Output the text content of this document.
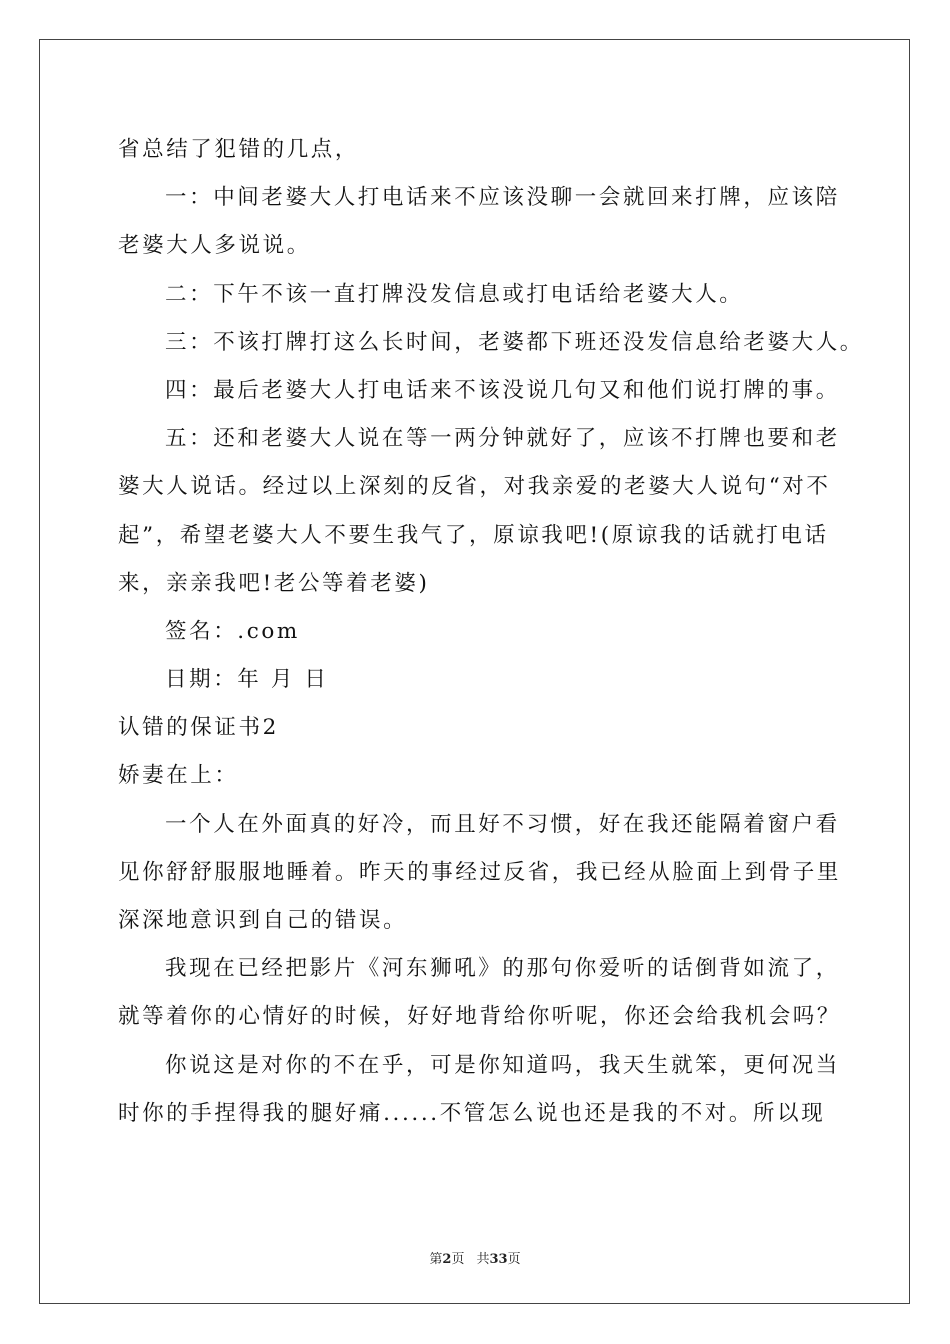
省总结了犯错的几点，
一：中间老婆大人打电话来不应该没聊一会就回来打牌，应该陪
老婆大人多说说。
二：下午不该一直打牌没发信息或打电话给老婆大人。
三：不该打牌打这么长时间，老婆都下班还没发信息给老婆大人。
四：最后老婆大人打电话来不该没说几句又和他们说打牌的事。
五：还和老婆大人说在等一两分钟就好了，应该不打牌也要和老
婆大人说话。经过以上深刻的反省，对我亲爱的老婆大人说句“对不
起”，希望老婆大人不要生我气了，原谅我吧!(原谅我的话就打电话
来，亲亲我吧!老公等着老婆)
签名：.com
日期：年 月 日
认错的保证书2
娇妻在上：
一个人在外面真的好冷，而且好不习惯，好在我还能隔着窗户看
见你舒舒服服地睡着。昨天的事经过反省，我已经从脸面上到骨子里
深深地意识到自己的错误。
我现在已经把影片《河东狮吼》的那句你爱听的话倒背如流了，
就等着你的心情好的时候，好好地背给你听呢，你还会给我机会吗？
你说这是对你的不在乎，可是你知道吗，我天生就笨，更何况当
时你的手捏得我的腿好痛......不管怎么说也还是我的不对。所以现
第2页 共33页
